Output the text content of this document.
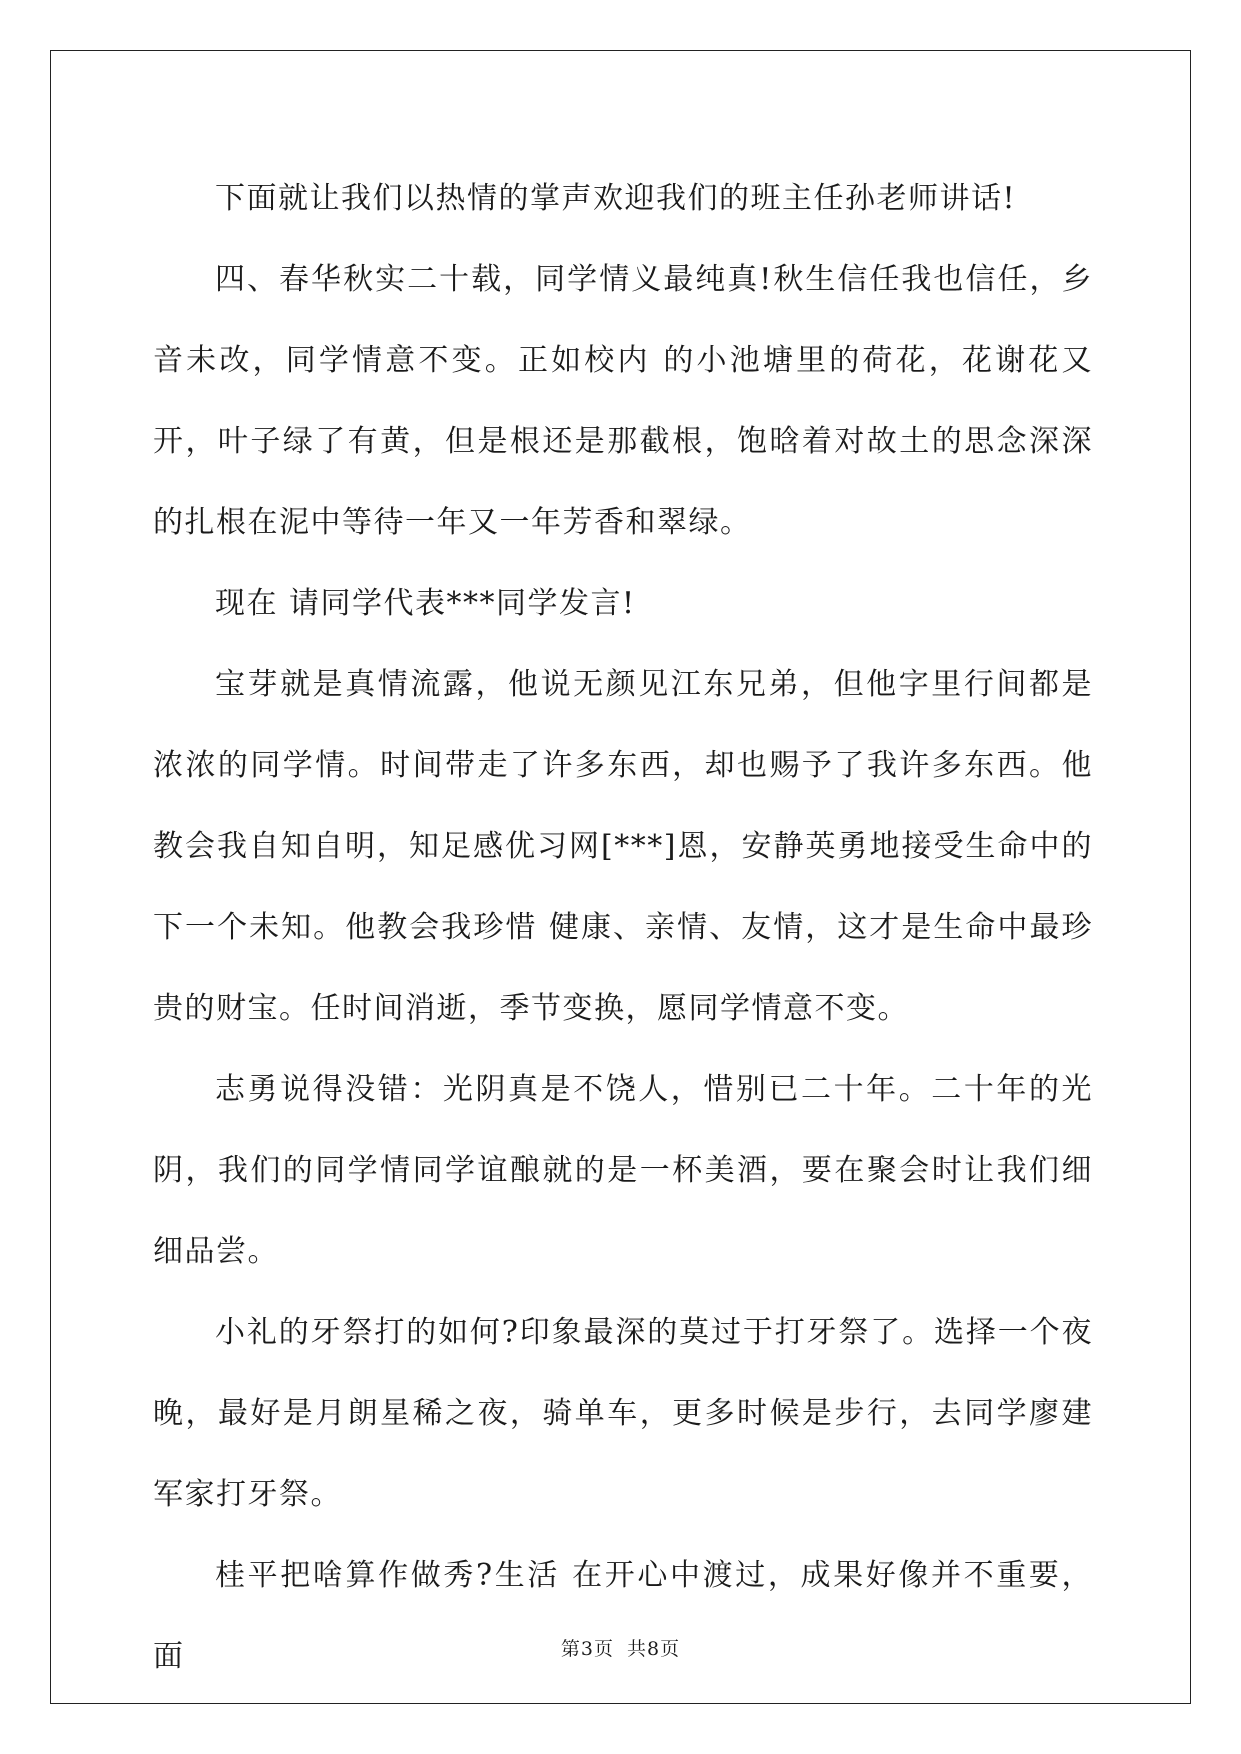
下面就让我们以热情的掌声欢迎我们的班主任孙老师讲话!

四、春华秋实二十载，同学情义最纯真!秋生信任我也信任，乡音未改，同学情意不变。正如校内 的小池塘里的荷花，花谢花又开，叶子绿了有黄，但是根还是那截根，饱晗着对故土的思念深深的扎根在泥中等待一年又一年芳香和翠绿。

现在 请同学代表***同学发言!

宝芽就是真情流露，他说无颜见江东兄弟，但他字里行间都是浓浓的同学情。时间带走了许多东西，却也赐予了我许多东西。他教会我自知自明，知足感优习网[***]恩，安静英勇地接受生命中的下一个未知。他教会我珍惜 健康、亲情、友情，这才是生命中最珍贵的财宝。任时间消逝，季节变换，愿同学情意不变。

志勇说得没错：光阴真是不饶人，惜别已二十年。二十年的光阴，我们的同学情同学谊酿就的是一杯美酒，要在聚会时让我们细细品尝。

小礼的牙祭打的如何?印象最深的莫过于打牙祭了。选择一个夜晚，最好是月朗星稀之夜，骑单车，更多时候是步行，去同学廖建军家打牙祭。

桂平把啥算作做秀?生活 在开心中渡过，成果好像并不重要，面	第3页 共8页
